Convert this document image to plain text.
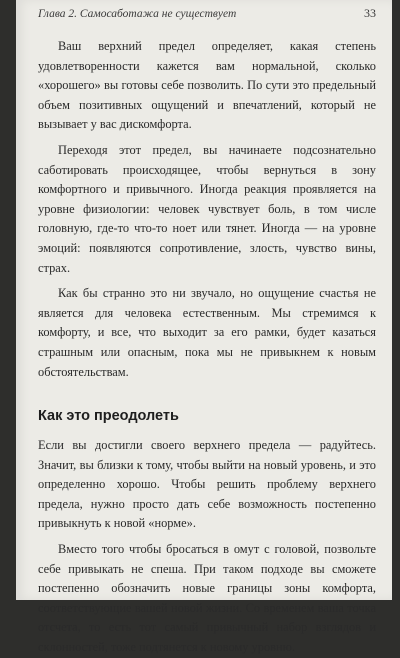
Глава 2. Самосаботажа не существует	33

Ваш верхний предел определяет, какая степень удовлетворенности кажется вам нормальной, сколько «хорошего» вы готовы себе позволить. По сути это предельный объем позитивных ощущений и впечатлений, который не вызывает у вас дискомфорта.

Переходя этот предел, вы начинаете подсознательно саботировать происходящее, чтобы вернуться в зону комфортного и привычного. Иногда реакция проявляется на уровне физиологии: человек чувствует боль, в том числе головную, где-то что-то ноет или тянет. Иногда — на уровне эмоций: появляются сопротивление, злость, чувство вины, страх.

Как бы странно это ни звучало, но ощущение счастья не является для человека естественным. Мы стремимся к комфорту, и все, что выходит за его рамки, будет казаться страшным или опасным, пока мы не привыкнем к новым обстоятельствам.

Как это преодолеть

Если вы достигли своего верхнего предела — радуйтесь. Значит, вы близки к тому, чтобы выйти на новый уровень, и это определенно хорошо. Чтобы решить проблему верхнего предела, нужно просто дать себе возможность постепенно привыкнуть к новой «норме».

Вместо того чтобы бросаться в омут с головой, позвольте себе привыкать не спеша. При таком подходе вы сможете постепенно обозначить новые границы зоны комфорта, соответствующие вашей новой жизни. Со временем ваша точка отсчета, то есть тот самый привычный набор взглядов и склонностей, тоже подтянется к новому уровню.
